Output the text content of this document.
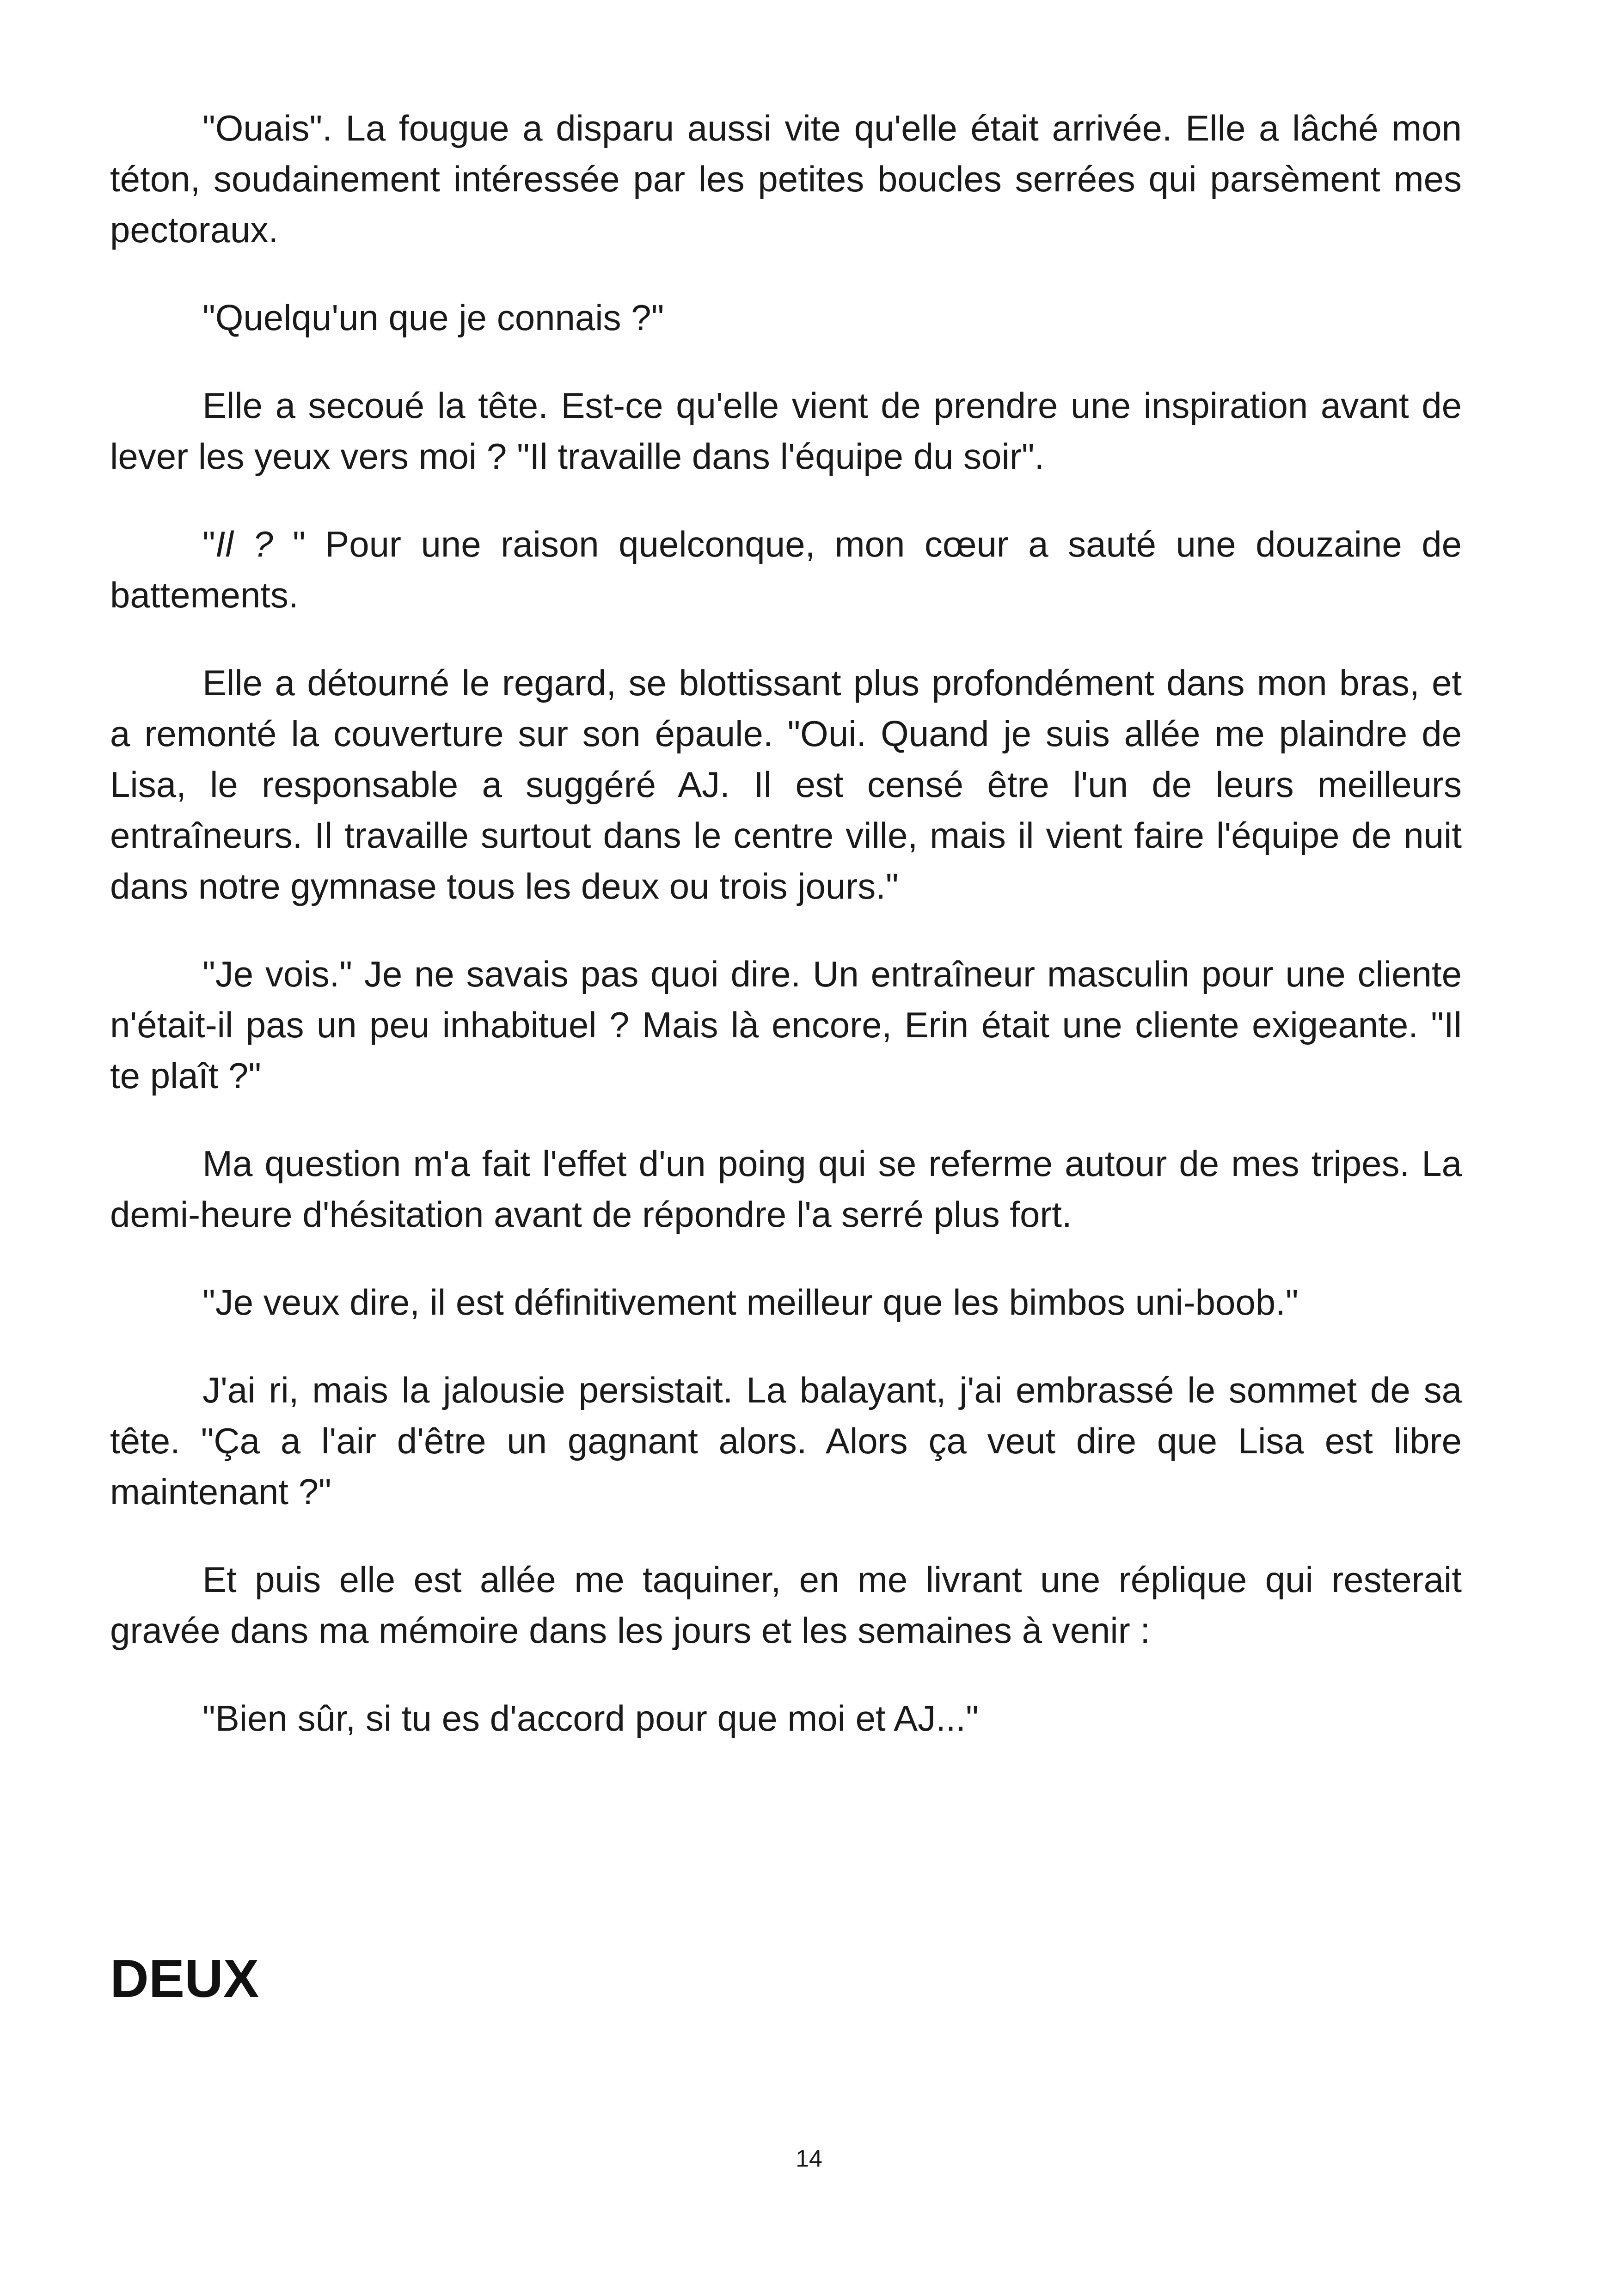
"Ouais". La fougue a disparu aussi vite qu'elle était arrivée. Elle a lâché mon téton, soudainement intéressée par les petites boucles serrées qui parsèment mes pectoraux.

"Quelqu'un que je connais ?"

Elle a secoué la tête. Est-ce qu'elle vient de prendre une inspiration avant de lever les yeux vers moi ? "Il travaille dans l'équipe du soir".

"Il ? " Pour une raison quelconque, mon cœur a sauté une douzaine de battements.

Elle a détourné le regard, se blottissant plus profondément dans mon bras, et a remonté la couverture sur son épaule. "Oui. Quand je suis allée me plaindre de Lisa, le responsable a suggéré AJ. Il est censé être l'un de leurs meilleurs entraîneurs. Il travaille surtout dans le centre ville, mais il vient faire l'équipe de nuit dans notre gymnase tous les deux ou trois jours."

"Je vois." Je ne savais pas quoi dire. Un entraîneur masculin pour une cliente n'était-il pas un peu inhabituel ? Mais là encore, Erin était une cliente exigeante. "Il te plaît ?"

Ma question m'a fait l'effet d'un poing qui se referme autour de mes tripes. La demi-heure d'hésitation avant de répondre l'a serré plus fort.

"Je veux dire, il est définitivement meilleur que les bimbos uni-boob."

J'ai ri, mais la jalousie persistait. La balayant, j'ai embrassé le sommet de sa tête. "Ça a l'air d'être un gagnant alors. Alors ça veut dire que Lisa est libre maintenant ?"

Et puis elle est allée me taquiner, en me livrant une réplique qui resterait gravée dans ma mémoire dans les jours et les semaines à venir :

"Bien sûr, si tu es d'accord pour que moi et AJ..."

DEUX
14
